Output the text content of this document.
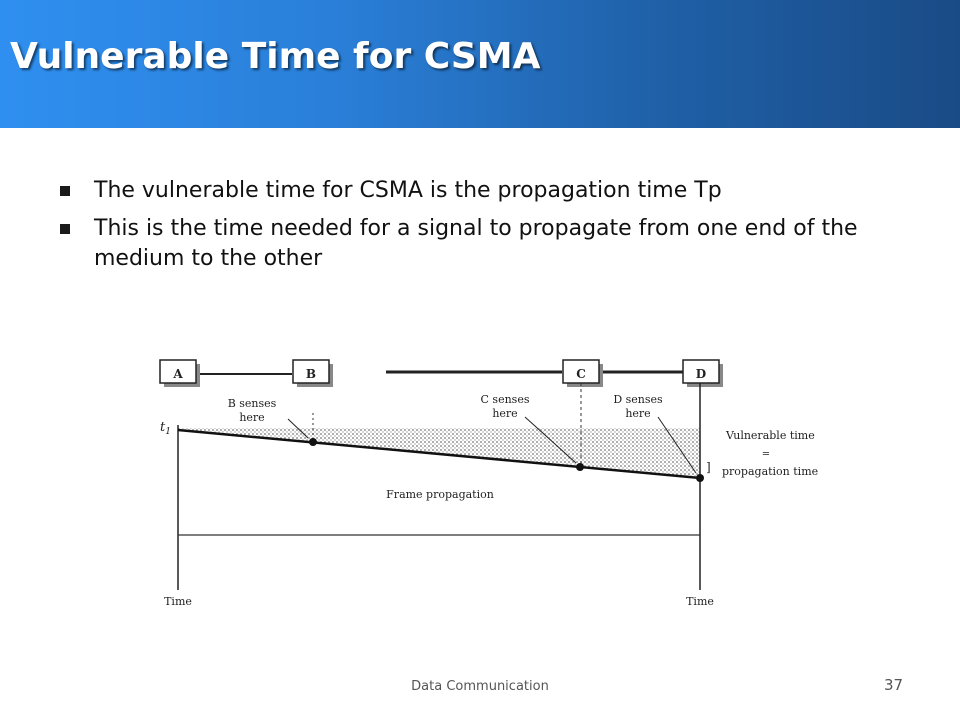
Vulnerable Time for CSMA
The vulnerable time for CSMA is the propagation time Tp
This is the time needed for a signal to propagate from one end of the medium to the other
A	B	C	D
$t_1$
B senses
here
C senses
here
D senses
here
]
Vulnerable time
=
propagation time
Frame propagation
Time	Time
Data Communication	37
